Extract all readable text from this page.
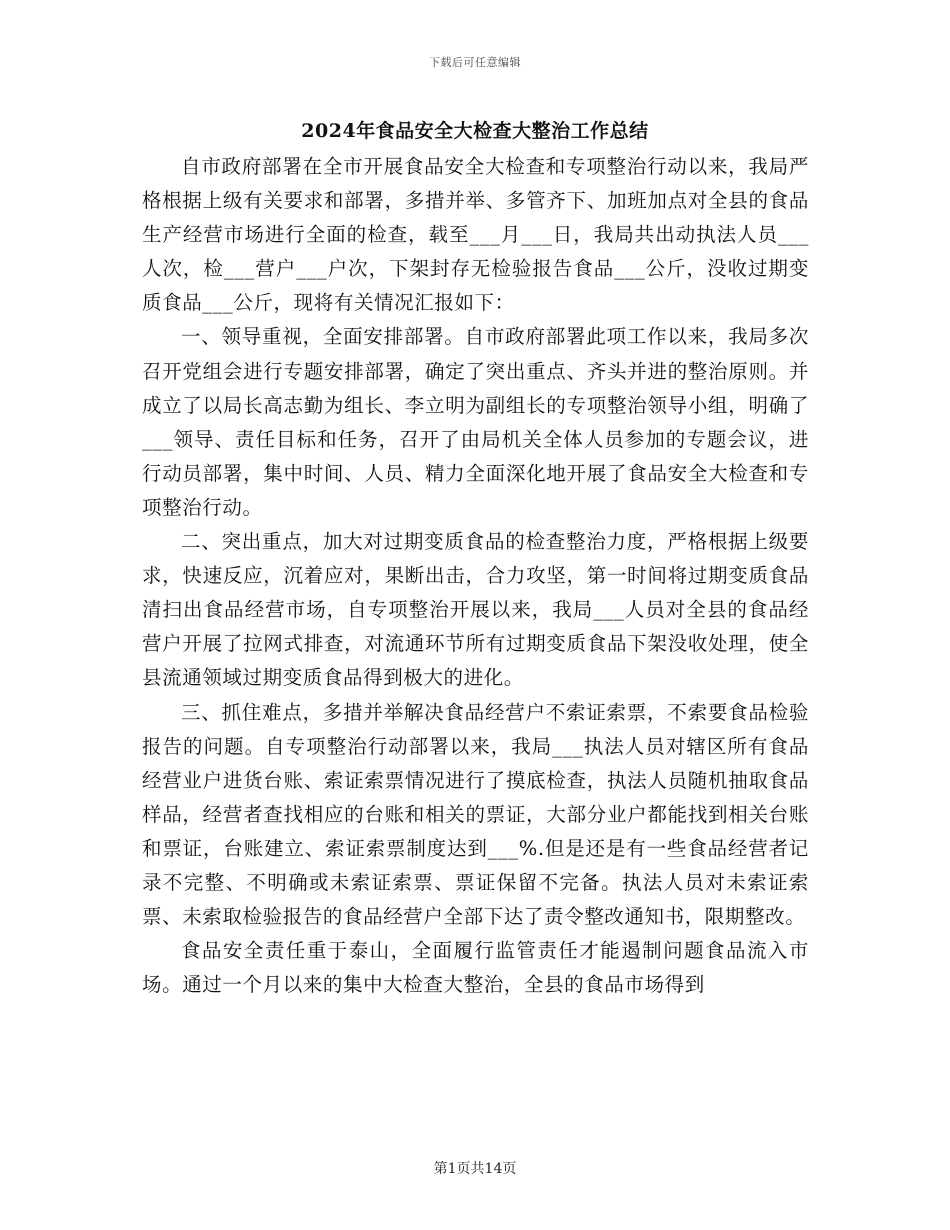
下载后可任意编辑
2024年食品安全大检查大整治工作总结

自市政府部署在全市开展食品安全大检查和专项整治行动以来，我局严格根据上级有关要求和部署，多措并举、多管齐下、加班加点对全县的食品生产经营市场进行全面的检查，载至___月___日，我局共出动执法人员___人次，检___营户___户次，下架封存无检验报告食品___公斤，没收过期变质食品___公斤，现将有关情况汇报如下：

一、领导重视，全面安排部署。自市政府部署此项工作以来，我局多次召开党组会进行专题安排部署，确定了突出重点、齐头并进的整治原则。并成立了以局长高志勤为组长、李立明为副组长的专项整治领导小组，明确了___领导、责任目标和任务，召开了由局机关全体人员参加的专题会议，进行动员部署，集中时间、人员、精力全面深化地开展了食品安全大检查和专项整治行动。

二、突出重点，加大对过期变质食品的检查整治力度，严格根据上级要求，快速反应，沉着应对，果断出击，合力攻坚，第一时间将过期变质食品清扫出食品经营市场，自专项整治开展以来，我局___人员对全县的食品经营户开展了拉网式排查，对流通环节所有过期变质食品下架没收处理，使全县流通领域过期变质食品得到极大的进化。

三、抓住难点，多措并举解决食品经营户不索证索票，不索要食品检验报告的问题。自专项整治行动部署以来，我局___执法人员对辖区所有食品经营业户进货台账、索证索票情况进行了摸底检查，执法人员随机抽取食品样品，经营者查找相应的台账和相关的票证，大部分业户都能找到相关台账和票证，台账建立、索证索票制度达到___%.但是还是有一些食品经营者记录不完整、不明确或未索证索票、票证保留不完备。执法人员对未索证索票、未索取检验报告的食品经营户全部下达了责令整改通知书，限期整改。

食品安全责任重于泰山，全面履行监管责任才能遏制问题食品流入市场。通过一个月以来的集中大检查大整治，全县的食品市场得到

第1页共14页
